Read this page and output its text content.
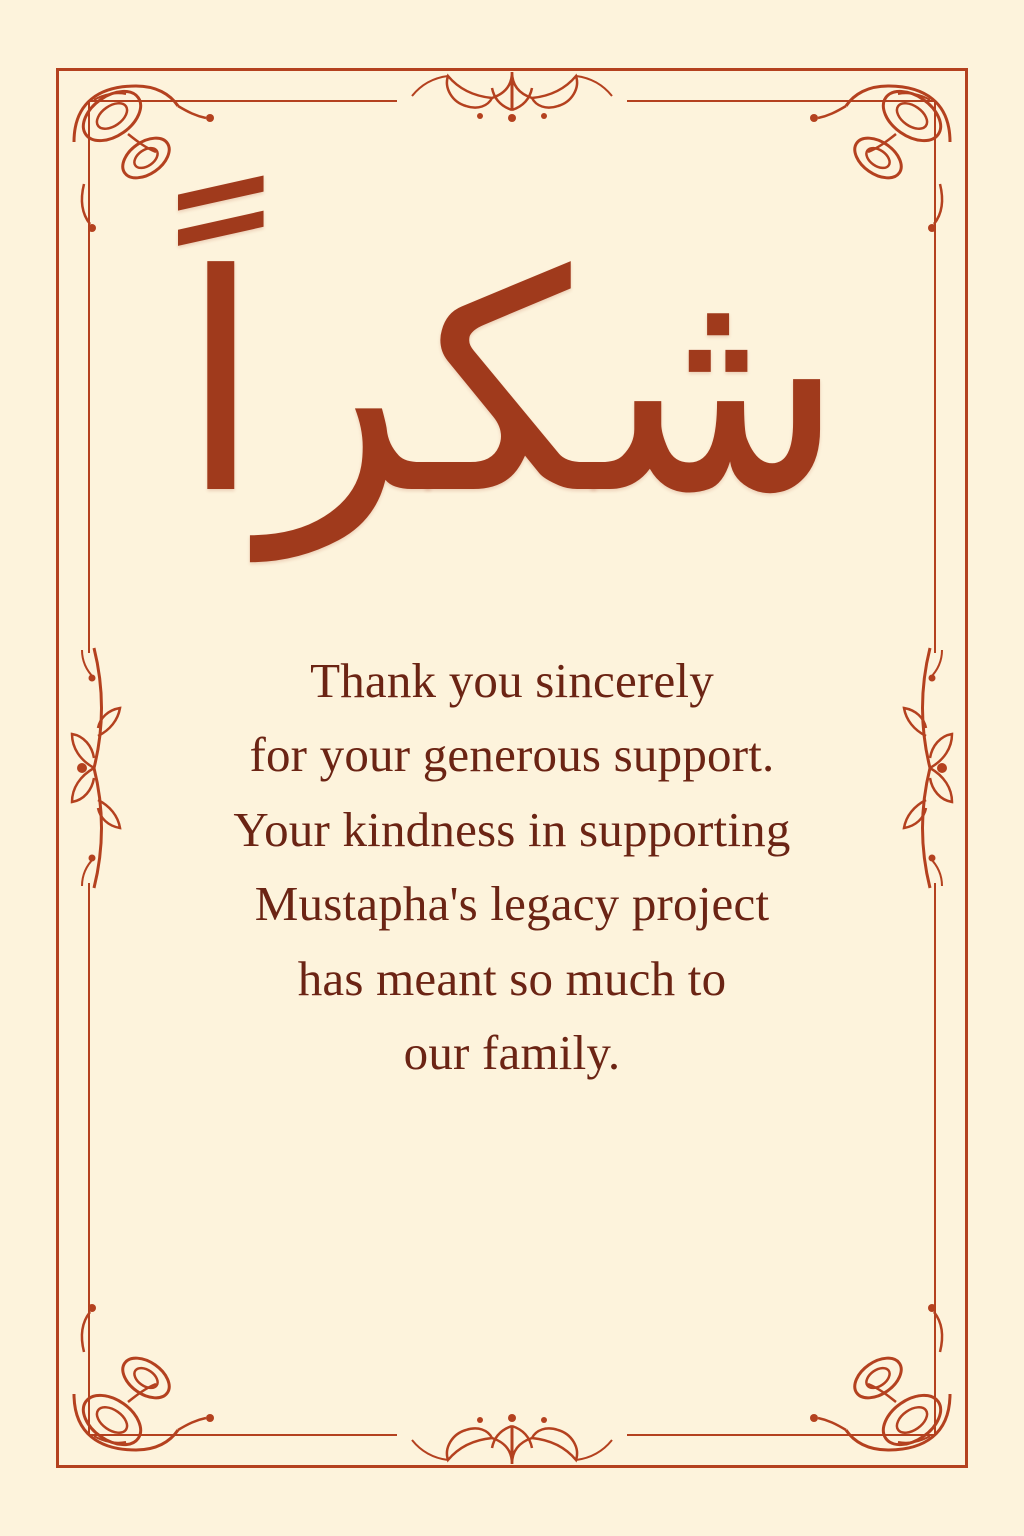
شكراً
Thank you sincerely
for your generous support.
Your kindness in supporting
Mustapha's legacy project
has meant so much to
our family.
